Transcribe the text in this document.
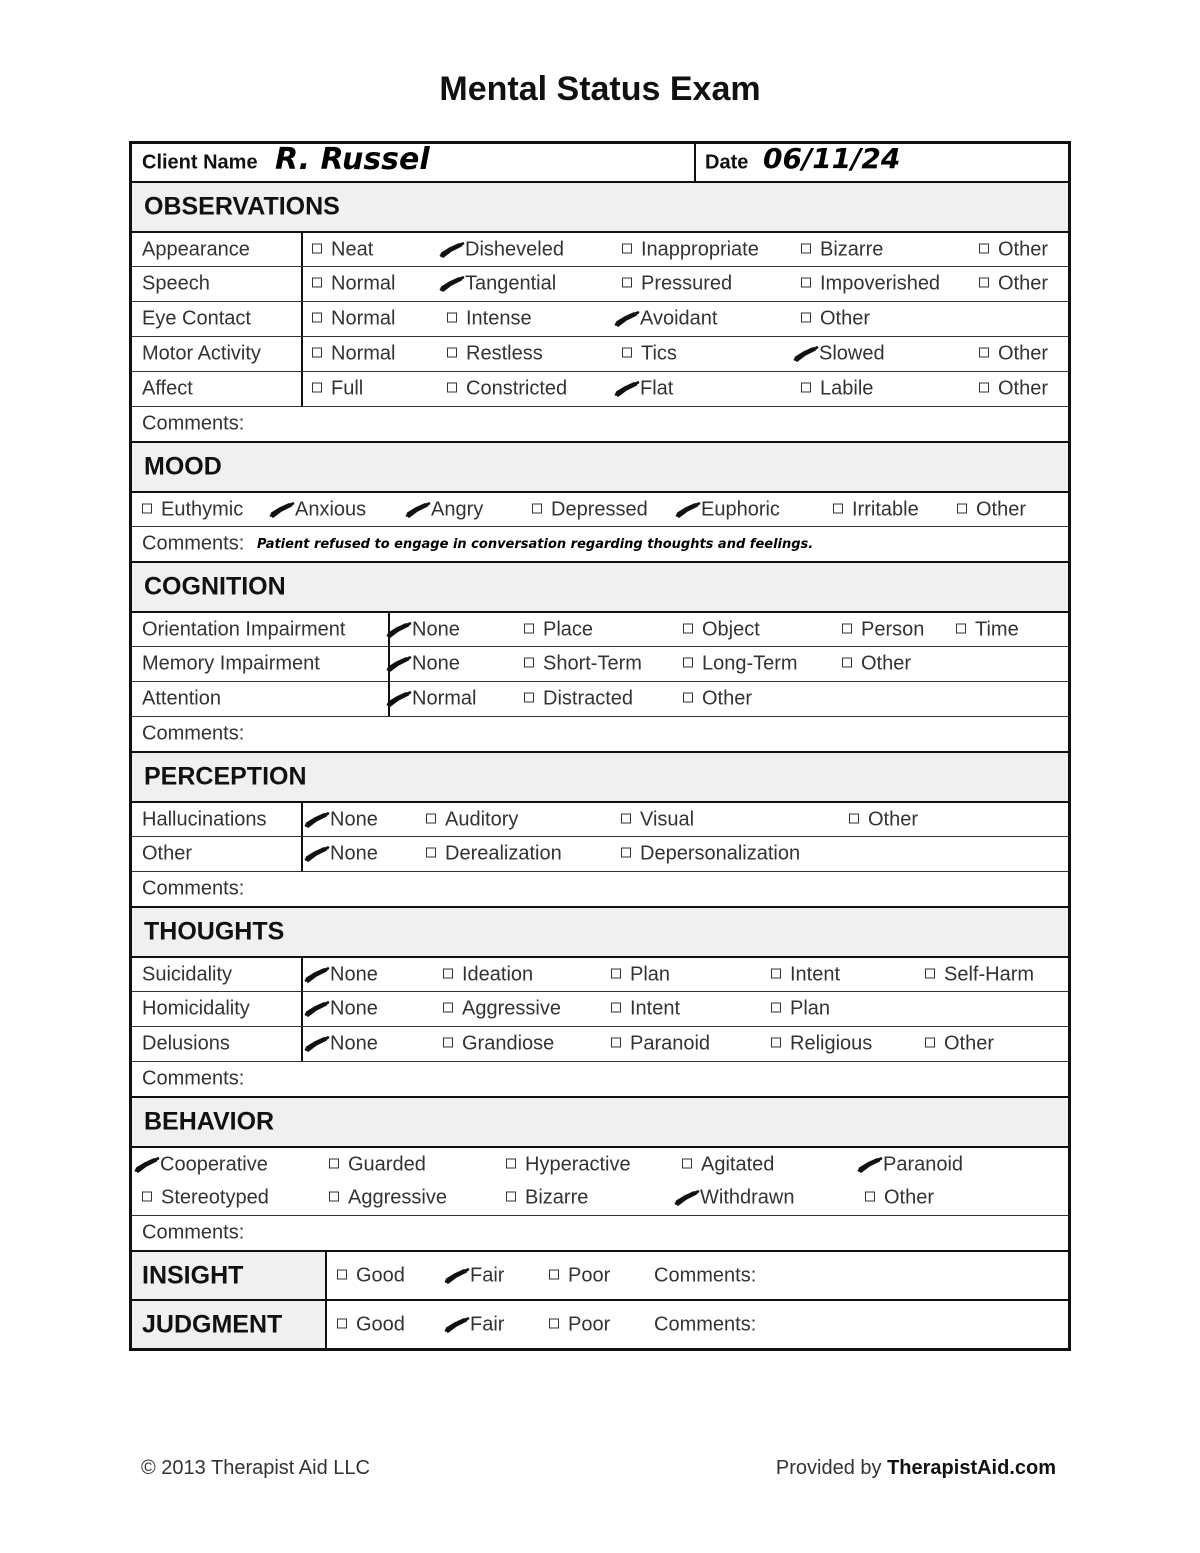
Mental Status Exam
Client Name R. Russel	Date 06/11/24
OBSERVATIONS
Appearance	Neat	Disheveled	Inappropriate	Bizarre	Other
Speech	Normal	Tangential	Pressured	Impoverished	Other
Eye Contact	Normal	Intense	Avoidant	Other
Motor Activity	Normal	Restless	Tics	Slowed	Other
Affect	Full	Constricted	Flat	Labile	Other
Comments:
MOOD
Euthymic	Anxious	Angry	Depressed	Euphoric	Irritable	Other
Comments: Patient refused to engage in conversation regarding thoughts and feelings.
COGNITION
Orientation Impairment	None	Place	Object	Person	Time
Memory Impairment	None	Short-Term	Long-Term	Other
Attention	Normal	Distracted	Other
Comments:
PERCEPTION
Hallucinations	None	Auditory	Visual	Other
Other	None	Derealization	Depersonalization
Comments:
THOUGHTS
Suicidality	None	Ideation	Plan	Intent	Self-Harm
Homicidality	None	Aggressive	Intent	Plan
Delusions	None	Grandiose	Paranoid	Religious	Other
Comments:
BEHAVIOR
Cooperative	Guarded	Hyperactive	Agitated	Paranoid
Stereotyped	Aggressive	Bizarre	Withdrawn	Other
Comments:
INSIGHT	Good	Fair	Poor Comments:
JUDGMENT	Good	Fair	Poor Comments:
© 2013 Therapist Aid LLC	Provided by TherapistAid.com
